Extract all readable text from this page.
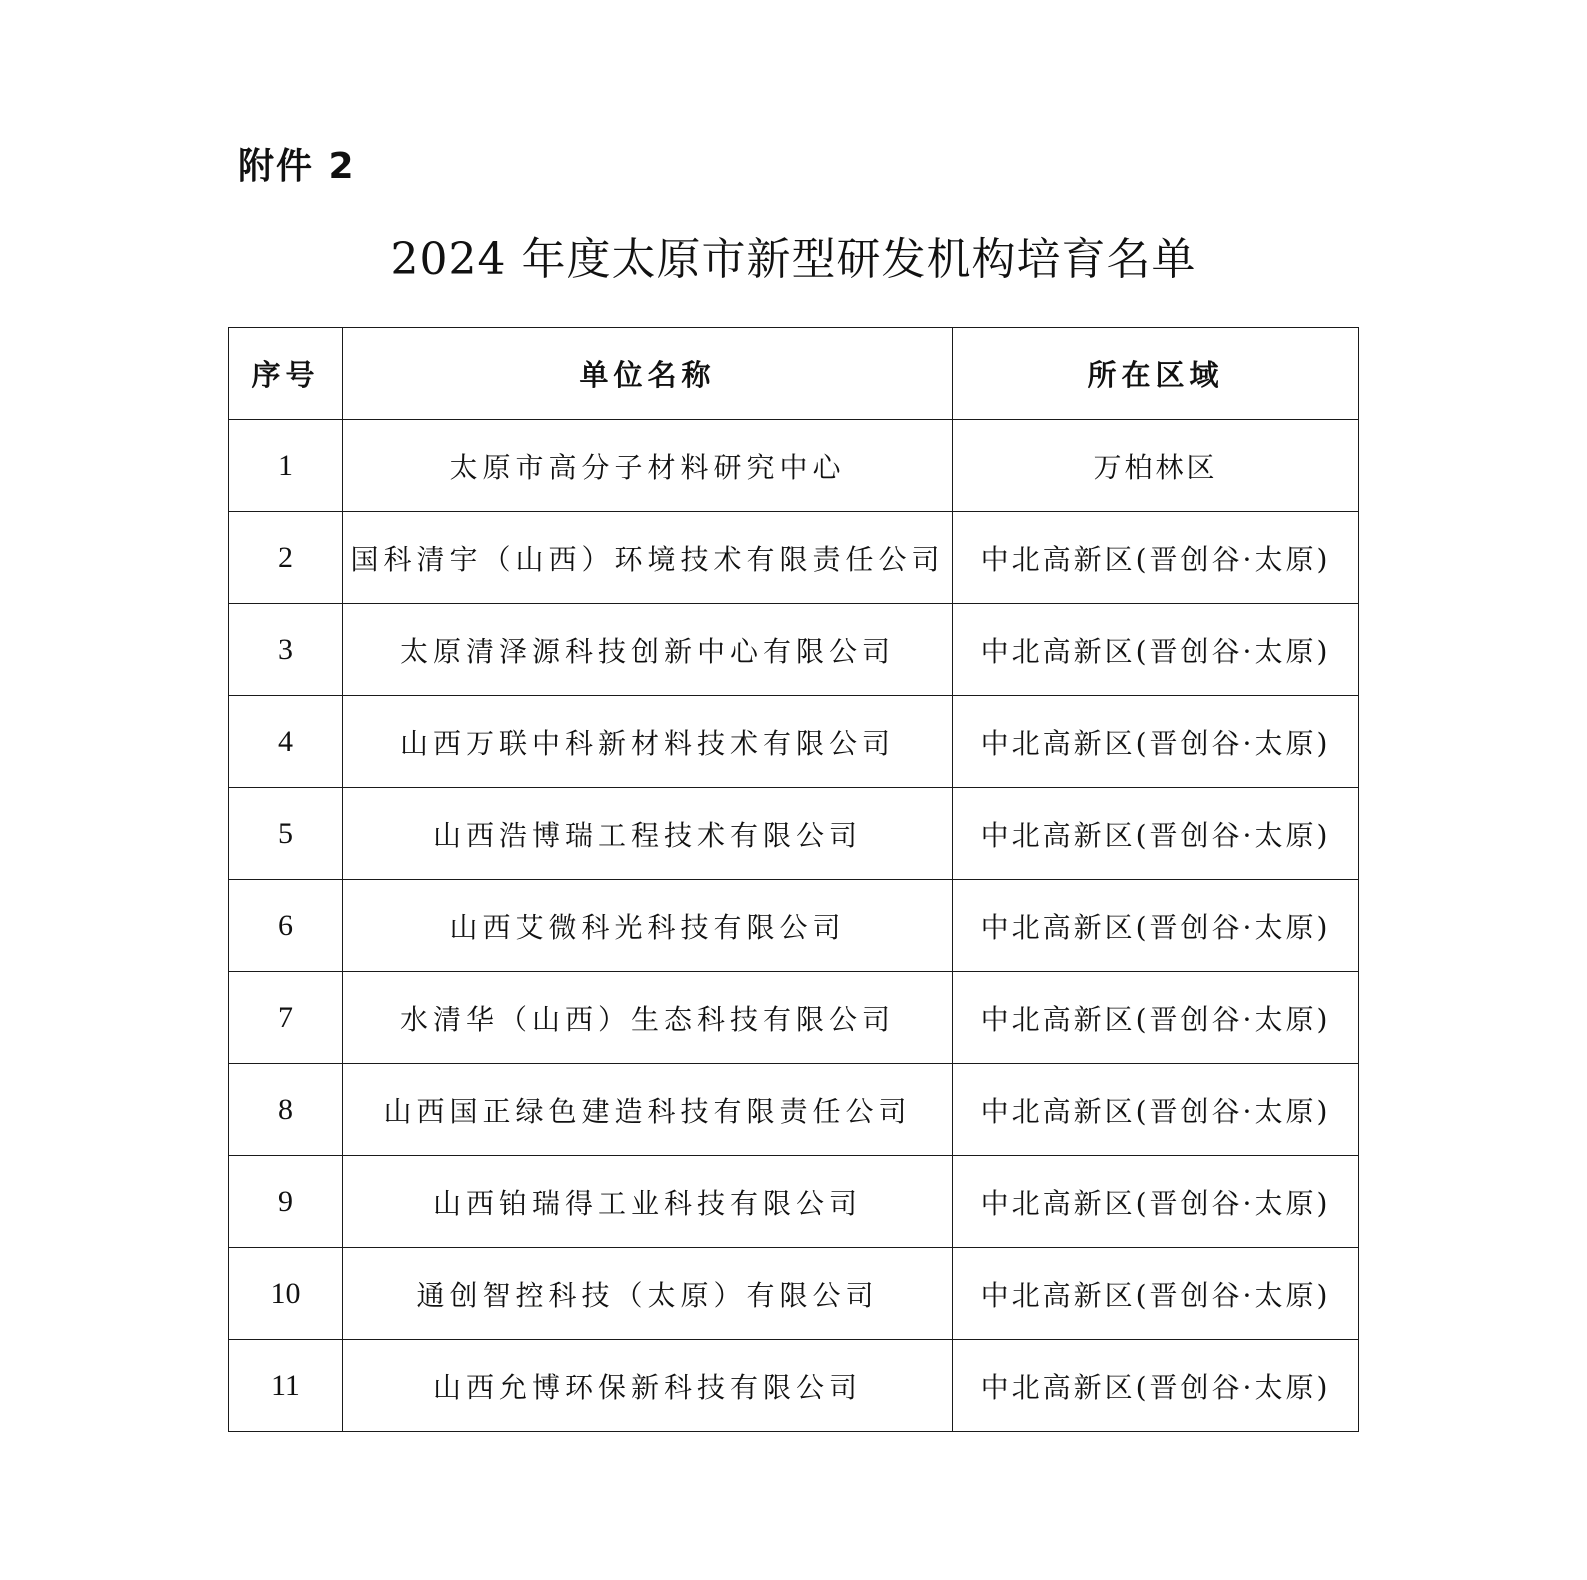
附件 2
2024 年度太原市新型研发机构培育名单
序号	单位名称	所在区域
1	太原市高分子材料研究中心	万柏林区
2	国科清宇（山西）环境技术有限责任公司	中北高新区(晋创谷·太原)
3	太原清泽源科技创新中心有限公司	中北高新区(晋创谷·太原)
4	山西万联中科新材料技术有限公司	中北高新区(晋创谷·太原)
5	山西浩博瑞工程技术有限公司	中北高新区(晋创谷·太原)
6	山西艾微科光科技有限公司	中北高新区(晋创谷·太原)
7	水清华（山西）生态科技有限公司	中北高新区(晋创谷·太原)
8	山西国正绿色建造科技有限责任公司	中北高新区(晋创谷·太原)
9	山西铂瑞得工业科技有限公司	中北高新区(晋创谷·太原)
10	通创智控科技（太原）有限公司	中北高新区(晋创谷·太原)
11	山西允博环保新科技有限公司	中北高新区(晋创谷·太原)
